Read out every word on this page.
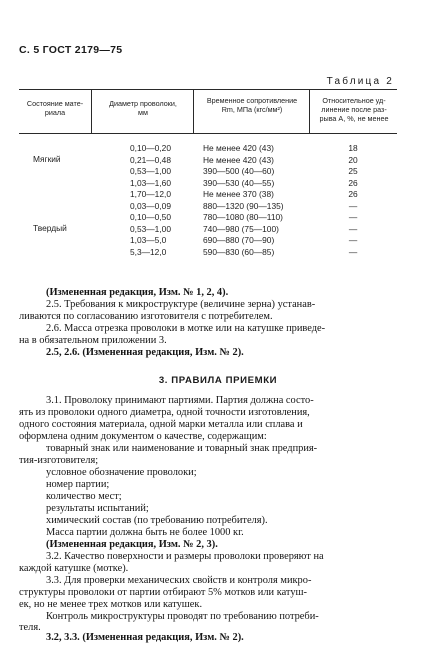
С. 5 ГОСТ 2179—75
Таблица 2
Состояние мате-
риала
Диаметр проволоки,
мм
Временное сопротивление
Rm, МПа (кгс/мм²)
Относительное уд-
линение после раз-
рыва А, %, не менее
Мягкий
Твердый
0,10—0,20
0,21—0,48
0,53—1,00
1,03—1,60
1,70—12,0
0,03—0,09
0,10—0,50
0,53—1,00
1,03—5,0
5,3—12,0
Не менее 420 (43)
Не менее 420 (43)
390—500 (40—60)
390—530 (40—55)
Не менее 370 (38)
880—1320 (90—135)
780—1080 (80—110)
740—980 (75—100)
690—880 (70—90)
590—830 (60—85)
18
20
25
26
26
—
—
—
—
—
(Измененная редакция, Изм. № 1, 2, 4).
2.5. Требования к микроструктуре (величине зерна) устанав-
ливаются по согласованию изготовителя с потребителем.
2.6. Масса отрезка проволоки в мотке или на катушке приведе-
на в обязательном приложении 3.
2.5, 2.6. (Измененная редакция, Изм. № 2).
3. ПРАВИЛА ПРИЕМКИ
3.1. Проволоку принимают партиями. Партия должна состо-
ять из проволоки одного диаметра, одной точности изготовления,
одного состояния материала, одной марки металла или сплава и
оформлена одним документом о качестве, содержащим:
товарный знак или наименование и товарный знак предприя-
тия-изготовителя;
условное обозначение проволоки;
номер партии;
количество мест;
результаты испытаний;
химический состав (по требованию потребителя).
Масса партии должна быть не более 1000 кг.
(Измененная редакция, Изм. № 2, 3).
3.2. Качество поверхности и размеры проволоки проверяют на
каждой катушке (мотке).
3.3. Для проверки механических свойств и контроля микро-
структуры проволоки от партии отбирают 5% мотков или катуш-
ек, но не менее трех мотков или катушек.
Контроль микроструктуры проводят по требованию потреби-
теля.
3.2, 3.3. (Измененная редакция, Изм. № 2).
